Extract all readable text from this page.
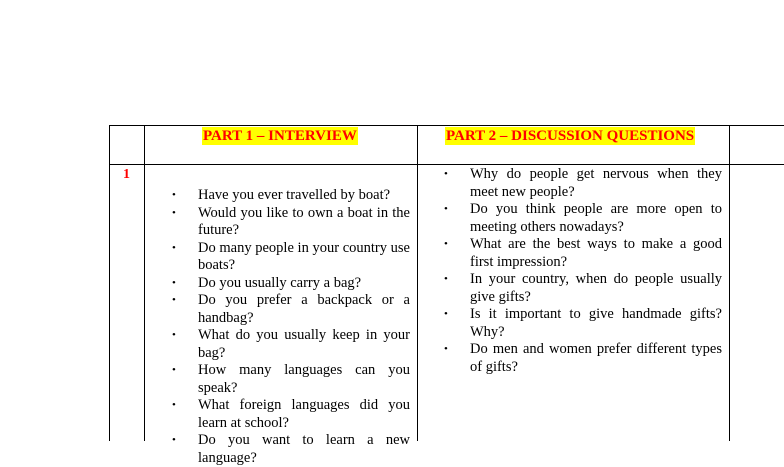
PART 1 – INTERVIEW	PART 2 – DISCUSSION QUESTIONS
1
• Have you ever travelled by boat?
• Would you like to own a boat in the future?
• Do many people in your country use boats?
• Do you usually carry a bag?
• Do you prefer a backpack or a handbag?
• What do you usually keep in your bag?
• How many languages can you speak?
• What foreign languages did you learn at school?
• Do you want to learn a new language?
• Why do people get nervous when they meet new people?
• Do you think people are more open to meeting others nowadays?
• What are the best ways to make a good first impression?
• In your country, when do people usually give gifts?
• Is it important to give handmade gifts? Why?
• Do men and women prefer different types of gifts?
